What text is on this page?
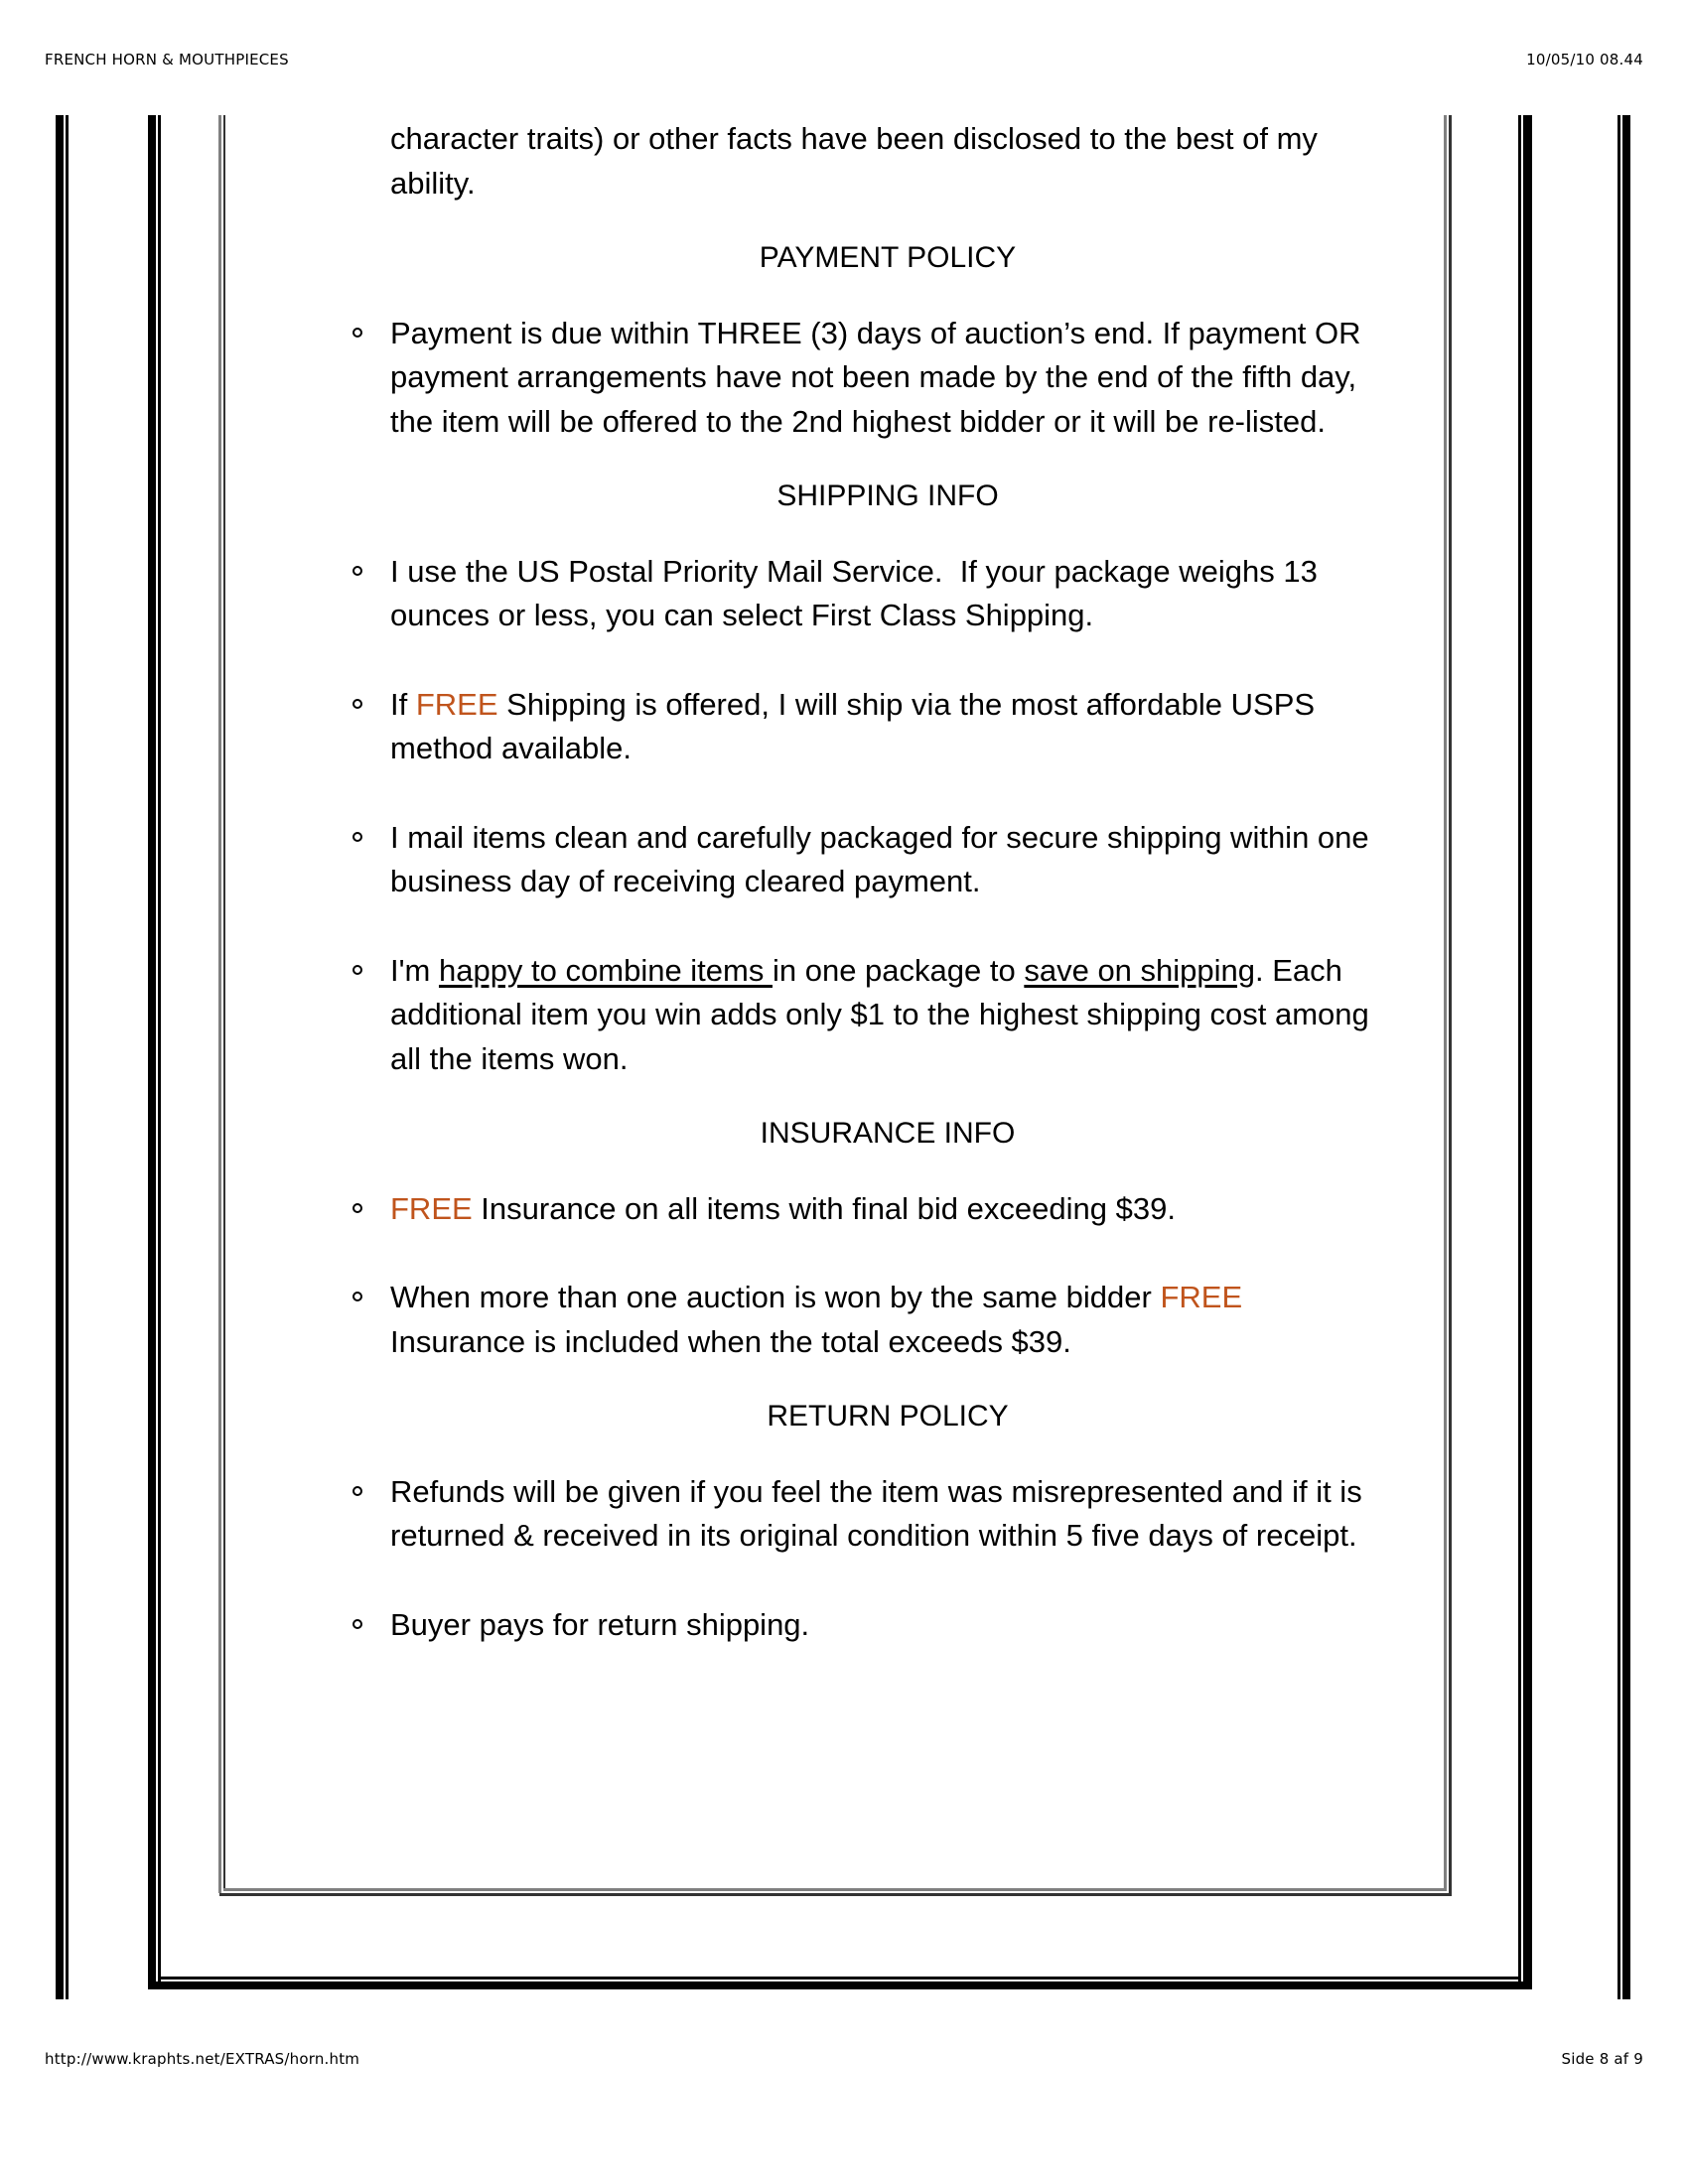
FRENCH HORN & MOUTHPIECES	10/05/10 08.44

character traits) or other facts have been disclosed to the best of my ability.

PAYMENT POLICY

Payment is due within THREE (3) days of auction’s end. If payment OR payment arrangements have not been made by the end of the fifth day, the item will be offered to the 2nd highest bidder or it will be re-listed.

SHIPPING INFO

I use the US Postal Priority Mail Service.  If your package weighs 13 ounces or less, you can select First Class Shipping.
If FREE Shipping is offered, I will ship via the most affordable USPS method available.
I mail items clean and carefully packaged for secure shipping within one business day of receiving cleared payment.
I'm happy to combine items in one package to save on shipping. Each additional item you win adds only $1 to the highest shipping cost among all the items won.

INSURANCE INFO

FREE Insurance on all items with final bid exceeding $39.
When more than one auction is won by the same bidder FREE Insurance is included when the total exceeds $39.

RETURN POLICY

Refunds will be given if you feel the item was misrepresented and if it is returned & received in its original condition within 5 five days of receipt.
Buyer pays for return shipping.
http://www.kraphts.net/EXTRAS/horn.htm	Side 8 af 9
